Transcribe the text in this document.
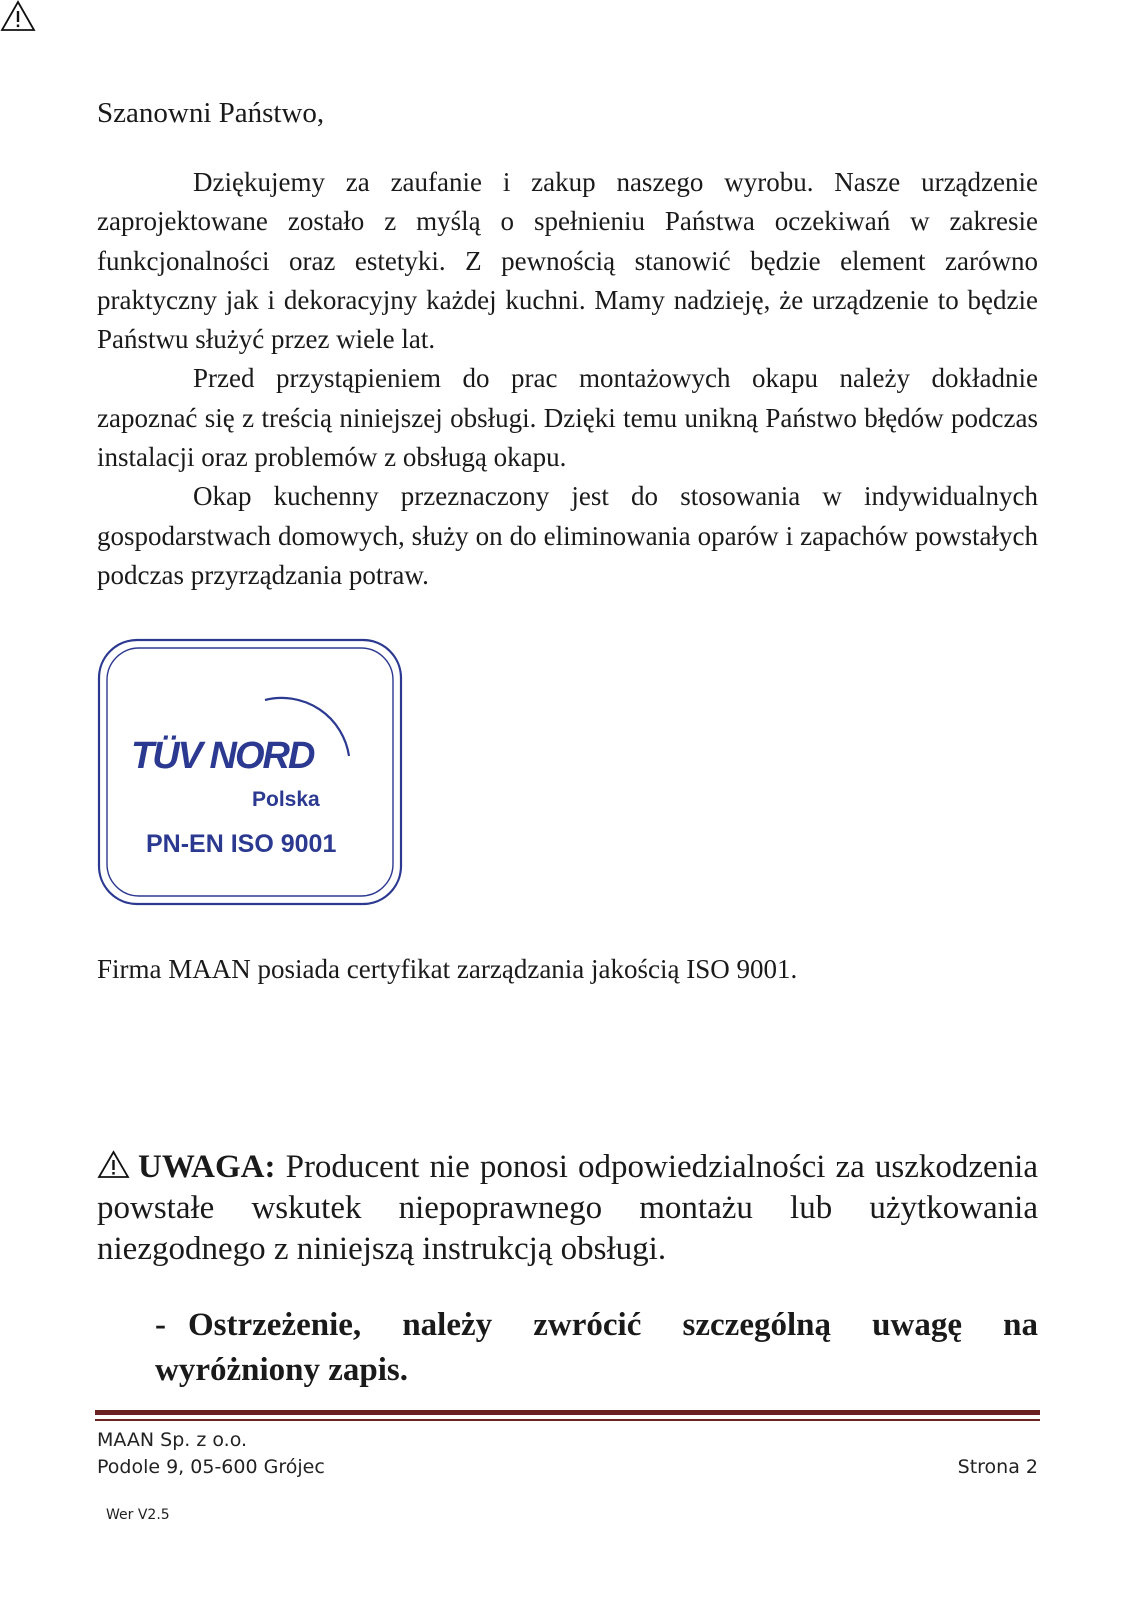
Szanowni Państwo,

Dziękujemy za zaufanie i zakup naszego wyrobu. Nasze urządzenie zaprojektowane zostało z myślą o spełnieniu Państwa oczekiwań w zakresie funkcjonalności oraz estetyki. Z pewnością stanowić będzie element zarówno praktyczny jak i dekoracyjny każdej kuchni. Mamy nadzieję, że urządzenie to będzie Państwu służyć przez wiele lat.

Przed przystąpieniem do prac montażowych okapu należy dokładnie zapoznać się z treścią niniejszej obsługi. Dzięki temu unikną Państwo błędów podczas instalacji oraz problemów z obsługą okapu.

Okap kuchenny przeznaczony jest do stosowania w indywidualnych gospodarstwach domowych, służy on do eliminowania oparów i zapachów powstałych podczas przyrządzania potraw.

TÜV NORD
Polska
PN-EN ISO 9001

Firma MAAN posiada certyfikat zarządzania jakością ISO 9001.

UWAGA: Producent nie ponosi odpowiedzialności za uszkodzenia powstałe wskutek niepoprawnego montażu lub użytkowania niezgodnego z niniejszą instrukcją obsługi.

- Ostrzeżenie, należy zwrócić szczególną uwagę na wyróżniony zapis.

MAAN Sp. z o.o.
Podole 9, 05-600 Grójec	Strona 2
Wer V2.5
